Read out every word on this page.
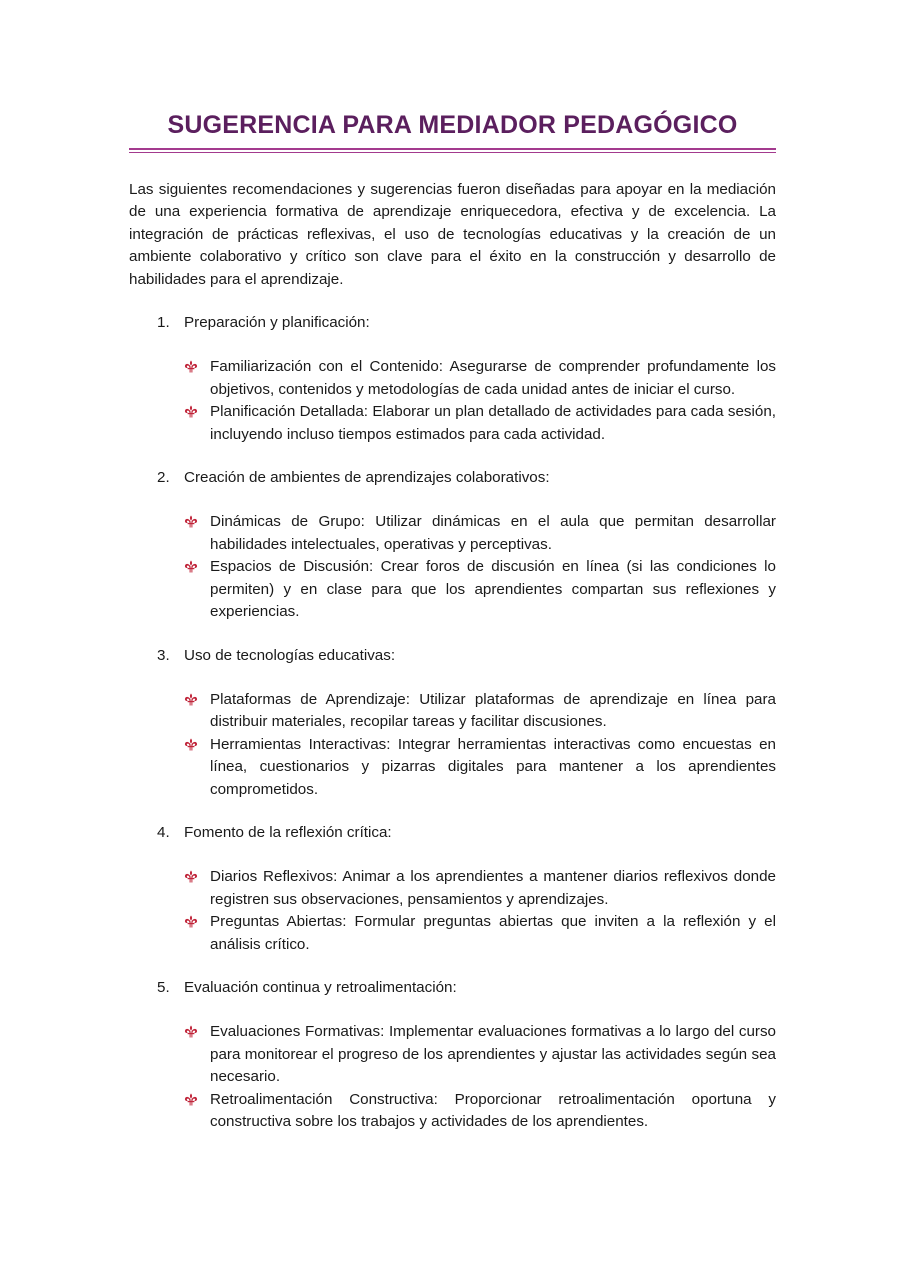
SUGERENCIA PARA MEDIADOR PEDAGÓGICO

Las siguientes recomendaciones y sugerencias fueron diseñadas para apoyar en la mediación de una experiencia formativa de aprendizaje enriquecedora, efectiva y de excelencia. La integración de prácticas reflexivas, el uso de tecnologías educativas y la creación de un ambiente colaborativo y crítico son clave para el éxito en la construcción y desarrollo de habilidades para el aprendizaje.

1. Preparación y planificación:
Familiarización con el Contenido: Asegurarse de comprender profundamente los objetivos, contenidos y metodologías de cada unidad antes de iniciar el curso.
Planificación Detallada: Elaborar un plan detallado de actividades para cada sesión, incluyendo incluso tiempos estimados para cada actividad.
2. Creación de ambientes de aprendizajes colaborativos:
Dinámicas de Grupo: Utilizar dinámicas en el aula que permitan desarrollar habilidades intelectuales, operativas y perceptivas.
Espacios de Discusión: Crear foros de discusión en línea (si las condiciones lo permiten) y en clase para que los aprendientes compartan sus reflexiones y experiencias.
3. Uso de tecnologías educativas:
Plataformas de Aprendizaje: Utilizar plataformas de aprendizaje en línea para distribuir materiales, recopilar tareas y facilitar discusiones.
Herramientas Interactivas: Integrar herramientas interactivas como encuestas en línea, cuestionarios y pizarras digitales para mantener a los aprendientes comprometidos.
4. Fomento de la reflexión crítica:
Diarios Reflexivos: Animar a los aprendientes a mantener diarios reflexivos donde registren sus observaciones, pensamientos y aprendizajes.
Preguntas Abiertas: Formular preguntas abiertas que inviten a la reflexión y el análisis crítico.
5. Evaluación continua y retroalimentación:
Evaluaciones Formativas: Implementar evaluaciones formativas a lo largo del curso para monitorear el progreso de los aprendientes y ajustar las actividades según sea necesario.
Retroalimentación Constructiva: Proporcionar retroalimentación oportuna y constructiva sobre los trabajos y actividades de los aprendientes.
